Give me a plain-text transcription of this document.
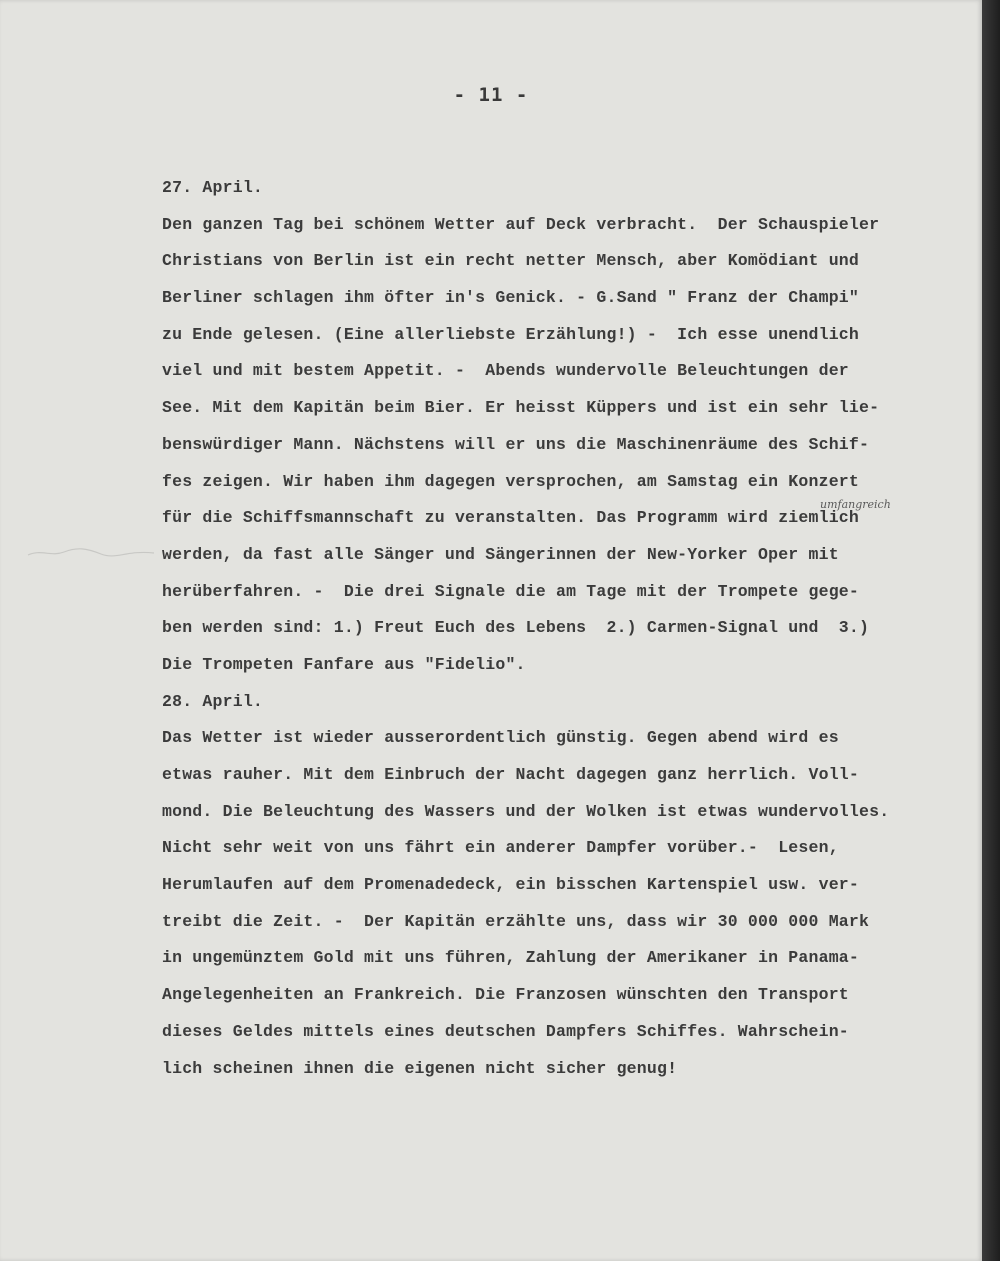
- 11 -
umfangreich
27. April.
Den ganzen Tag bei schönem Wetter auf Deck verbracht.  Der Schauspieler
Christians von Berlin ist ein recht netter Mensch, aber Komödiant und
Berliner schlagen ihm öfter in's Genick. - G.Sand " Franz der Champi"
zu Ende gelesen. (Eine allerliebste Erzählung!) -  Ich esse unendlich
viel und mit bestem Appetit. -  Abends wundervolle Beleuchtungen der
See. Mit dem Kapitän beim Bier. Er heisst Küppers und ist ein sehr lie-
benswürdiger Mann. Nächstens will er uns die Maschinenräume des Schif-
fes zeigen. Wir haben ihm dagegen versprochen, am Samstag ein Konzert
für die Schiffsmannschaft zu veranstalten. Das Programm wird ziemlich
werden, da fast alle Sänger und Sängerinnen der New-Yorker Oper mit
herüberfahren. -  Die drei Signale die am Tage mit der Trompete gege-
ben werden sind: 1.) Freut Euch des Lebens  2.) Carmen-Signal und  3.)
Die Trompeten Fanfare aus "Fidelio".
28. April.
Das Wetter ist wieder ausserordentlich günstig. Gegen abend wird es
etwas rauher. Mit dem Einbruch der Nacht dagegen ganz herrlich. Voll-
mond. Die Beleuchtung des Wassers und der Wolken ist etwas wundervolles.
Nicht sehr weit von uns fährt ein anderer Dampfer vorüber.-  Lesen,
Herumlaufen auf dem Promenadedeck, ein bisschen Kartenspiel usw. ver-
treibt die Zeit. -  Der Kapitän erzählte uns, dass wir 30 000 000 Mark
in ungemünztem Gold mit uns führen, Zahlung der Amerikaner in Panama-
Angelegenheiten an Frankreich. Die Franzosen wünschten den Transport
dieses Geldes mittels eines deutschen Dampfers Schiffes. Wahrschein-
lich scheinen ihnen die eigenen nicht sicher genug!
